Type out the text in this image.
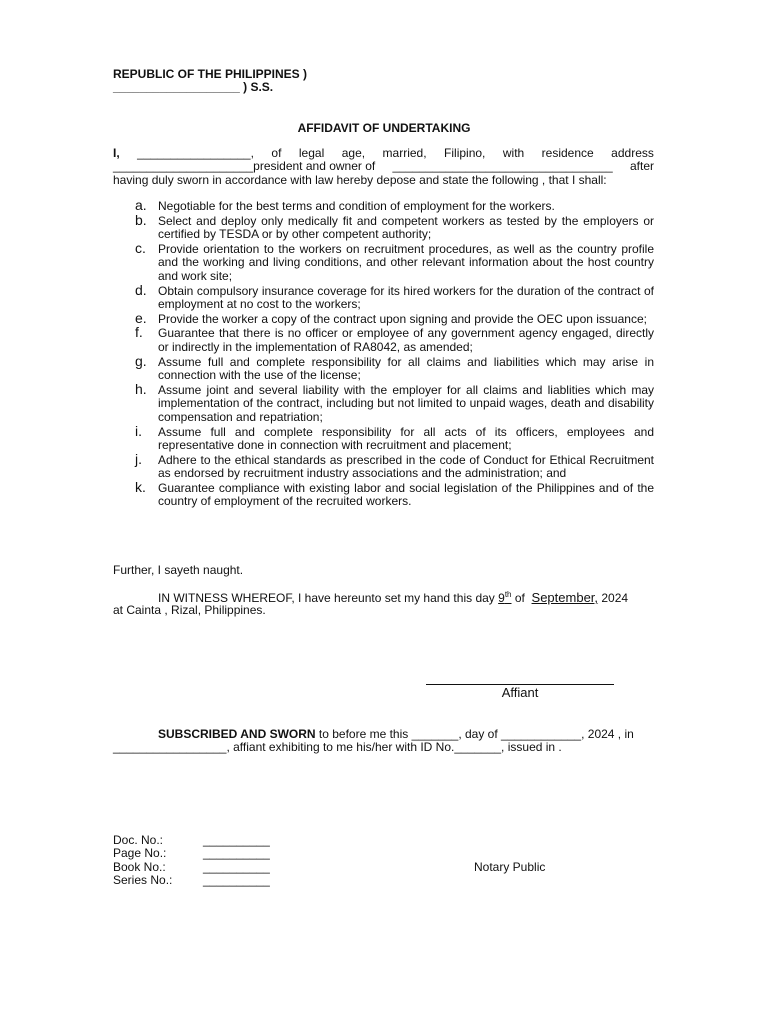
REPUBLIC OF THE PHILIPPINES )
___________________ ) S.S.
AFFIDAVIT OF UNDERTAKING
I, _________________, of legal age, married, Filipino, with residence address
_____________________president and owner of _________________________________ after
having duly sworn in accordance with law hereby depose and state the following , that I shall:
a. Negotiable for the best terms and condition of employment for the workers.
b. Select and deploy only medically fit and competent workers as tested by the employers or certified by TESDA or by other competent authority;
c. Provide orientation to the workers on recruitment procedures, as well as the country profile and the working and living conditions, and other relevant information about the host country and work site;
d. Obtain compulsory insurance coverage for its hired workers for the duration of the contract of employment at no cost to the workers;
e. Provide the worker a copy of the contract upon signing and provide the OEC upon issuance;
f. Guarantee that there is no officer or employee of any government agency engaged, directly or indirectly in the implementation of RA8042, as amended;
g. Assume full and complete responsibility for all claims and liabilities which may arise in connection with the use of the license;
h. Assume joint and several liability with the employer for all claims and liablities which may implementation of the contract, including but not limited to unpaid wages, death and disability compensation and repatriation;
i. Assume full and complete responsibility for all acts of its officers, employees and representative done in connection with recruitment and placement;
j. Adhere to the ethical standards as prescribed in the code of Conduct for Ethical Recruitment as endorsed by recruitment industry associations and the administration; and
k. Guarantee compliance with existing labor and social legislation of the Philippines and of the country of employment of the recruited workers.
Further, I sayeth naught.
IN WITNESS WHEREOF, I have hereunto set my hand this day 9th of September, 2024
at Cainta , Rizal, Philippines.
Affiant
SUBSCRIBED AND SWORN to before me this _______, day of ____________, 2024 , in
_________________, affiant exhibiting to me his/her with ID No._______, issued in .
Doc. No.:	__________
Page No.:	__________
Book No.:	__________
Series No.:	__________
Notary Public
